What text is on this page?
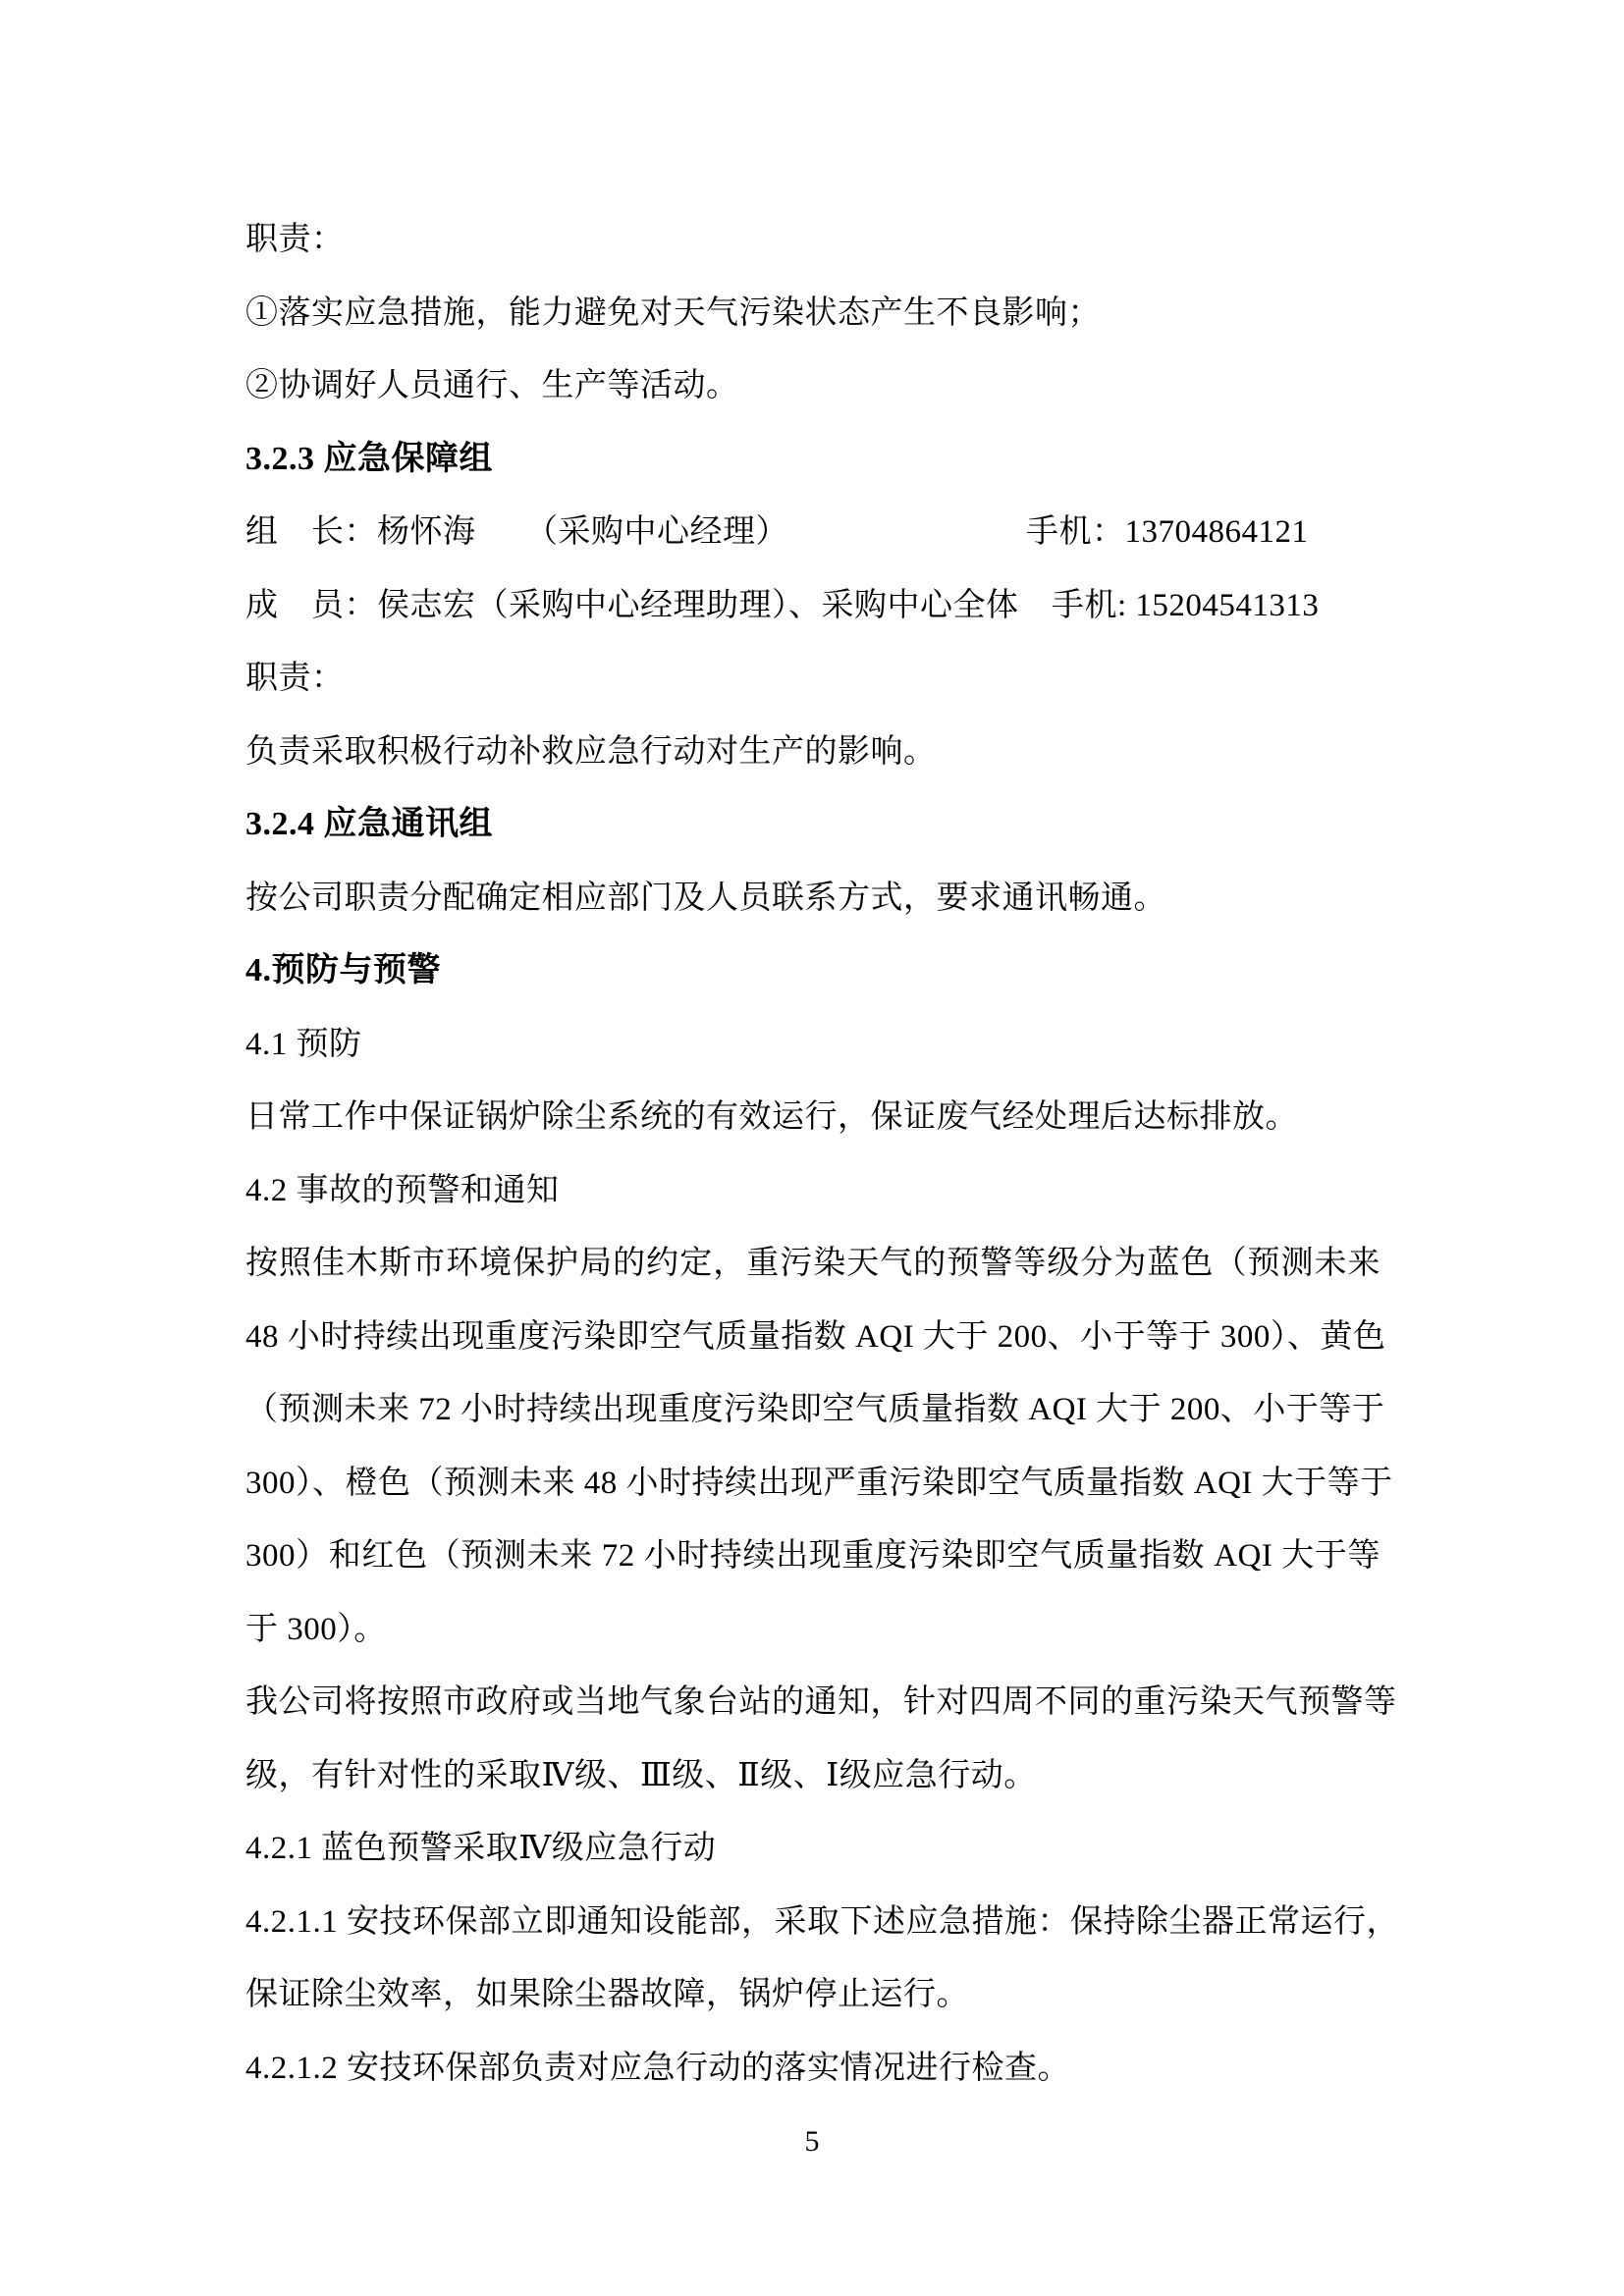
职责：
①落实应急措施，能力避免对天气污染状态产生不良影响；
②协调好人员通行、生产等活动。
3.2.3 应急保障组
组　长：杨怀海　　（采购中心经理）	手机：13704864121
成　员：侯志宏（采购中心经理助理）、采购中心全体　手机: 15204541313
职责：
负责采取积极行动补救应急行动对生产的影响。
3.2.4 应急通讯组
按公司职责分配确定相应部门及人员联系方式，要求通讯畅通。
4.预防与预警
4.1 预防
日常工作中保证锅炉除尘系统的有效运行，保证废气经处理后达标排放。
4.2 事故的预警和通知
按照佳木斯市环境保护局的约定，重污染天气的预警等级分为蓝色（预测未来
48 小时持续出现重度污染即空气质量指数 AQI 大于 200、小于等于 300）、黄色
（预测未来 72 小时持续出现重度污染即空气质量指数 AQI 大于 200、小于等于
300）、橙色（预测未来 48 小时持续出现严重污染即空气质量指数 AQI 大于等于
300）和红色（预测未来 72 小时持续出现重度污染即空气质量指数 AQI 大于等
于 300）。
我公司将按照市政府或当地气象台站的通知，针对四周不同的重污染天气预警等
级，有针对性的采取Ⅳ级、Ⅲ级、Ⅱ级、Ⅰ级应急行动。
4.2.1 蓝色预警采取Ⅳ级应急行动
4.2.1.1 安技环保部立即通知设能部，采取下述应急措施：保持除尘器正常运行，
保证除尘效率，如果除尘器故障，锅炉停止运行。
4.2.1.2 安技环保部负责对应急行动的落实情况进行检查。
5
